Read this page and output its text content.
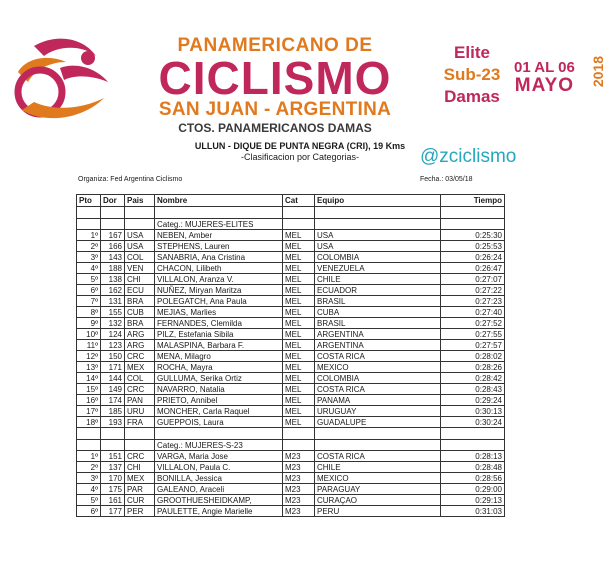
PANAMERICANO DE
CICLISMO
SAN JUAN - ARGENTINA
CTOS. PANAMERICANOS DAMAS
Elite
Sub-23
Damas
01 AL 06
MAYO 2018
ULLUN - DIQUE DE PUNTA NEGRA (CRI), 19 Kms
-Clasificacion por Categorias-	@zciclismo
Organiza: Fed Argentina Ciclismo	Fecha.: 03/05/18
Pto	Dor	Pais	Nombre	Cat	Equipo	Tiempo

			Categ.: MUJERES-ELITES			
1º	167	USA	NEBEN, Amber	MEL	USA	0:25:30
2º	166	USA	STEPHENS, Lauren	MEL	USA	0:25:53
3º	143	COL	SANABRIA, Ana Cristina	MEL	COLOMBIA	0:26:24
4º	188	VEN	CHACON, Lilibeth	MEL	VENEZUELA	0:26:47
5º	138	CHI	VILLALON, Aranza V.	MEL	CHILE	0:27:07
6º	162	ECU	NUÑEZ, Miryan Maritza	MEL	ECUADOR	0:27:22
7º	131	BRA	POLEGATCH, Ana Paula	MEL	BRASIL	0:27:23
8º	155	CUB	MEJIAS, Marlies	MEL	CUBA	0:27:40
9º	132	BRA	FERNANDES, Clemilda	MEL	BRASIL	0:27:52
10º	124	ARG	PILZ, Estefania Sibila	MEL	ARGENTINA	0:27:55
11º	123	ARG	MALASPINA, Barbara F.	MEL	ARGENTINA	0:27:57
12º	150	CRC	MENA, Milagro	MEL	COSTA RICA	0:28:02
13º	171	MEX	ROCHA, Mayra	MEL	MEXICO	0:28:26
14º	144	COL	GULLUMA, Serika Ortiz	MEL	COLOMBIA	0:28:42
15º	149	CRC	NAVARRO, Natalia	MEL	COSTA RICA	0:28:43
16º	174	PAN	PRIETO, Annibel	MEL	PANAMA	0:29:24
17º	185	URU	MONCHER, Carla Raquel	MEL	URUGUAY	0:30:13
18º	193	FRA	GUEPPOIS, Laura	MEL	GUADALUPE	0:30:24

			Categ.: MUJERES-S-23			
1º	151	CRC	VARGA, Maria Jose	M23	COSTA RICA	0:28:13
2º	137	CHI	VILLALON, Paula C.	M23	CHILE	0:28:48
3º	170	MEX	BONILLA, Jessica	M23	MEXICO	0:28:56
4º	175	PAR	GALEANO, Araceli	M23	PARAGUAY	0:29:00
5º	161	CUR	GROOTHUESHEIDKAMP,	M23	CURAÇAO	0:29:13
6º	177	PER	PAULETTE, Angie Marielle	M23	PERU	0:31:03
